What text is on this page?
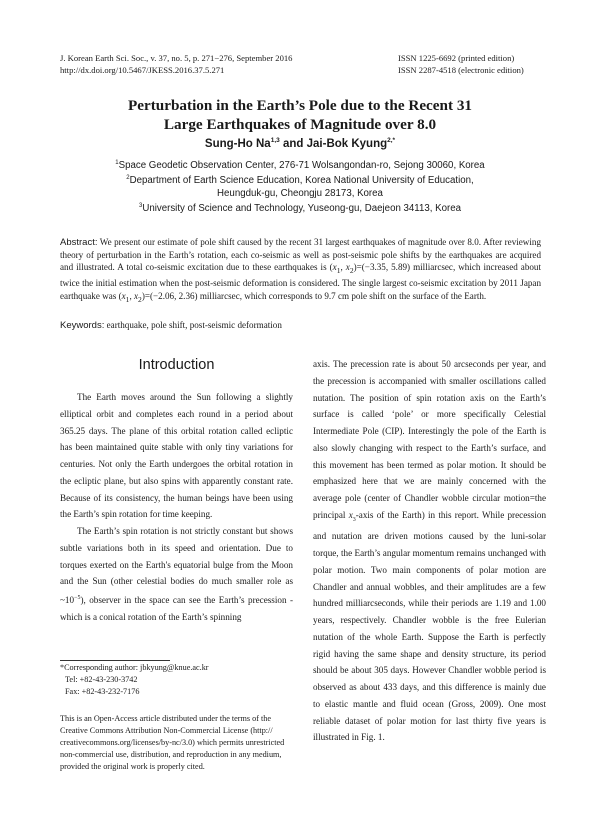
J. Korean Earth Sci. Soc., v. 37, no. 5, p. 271−276, September 2016
http://dx.doi.org/10.5467/JKESS.2016.37.5.271
ISSN 1225-6692 (printed edition)
ISSN 2287-4518 (electronic edition)
Perturbation in the Earth’s Pole due to the Recent 31
Large Earthquakes of Magnitude over 8.0
Sung-Ho Na$^{1,3}$ and Jai-Bok Kyung$^{2,*}$
$^1$Space Geodetic Observation Center, 276-71 Wolsangondan-ro, Sejong 30060, Korea
$^2$Department of Earth Science Education, Korea National University of Education,
Heungduk-gu, Cheongju 28173, Korea
$^3$University of Science and Technology, Yuseong-gu, Daejeon 34113, Korea
Abstract: We present our estimate of pole shift caused by the recent 31 largest earthquakes of magnitude over 8.0. After reviewing theory of perturbation in the Earth’s rotation, each co-seismic as well as post-seismic pole shifts by the earthquakes are acquired and illustrated. A total co-seismic excitation due to these earthquakes is ($x_1$, $x_2)=(-3.35$, 5.89) milliarcsec, which increased about twice the initial estimation when the post-seismic deformation is considered. The single largest co-seismic excitation by 2011 Japan earthquake was ($x_1$, $x_2)=(-2.06$, 2.36) milliarcsec, which corresponds to 9.7 cm pole shift on the surface of the Earth.
Keywords: earthquake, pole shift, post-seismic deformation
Introduction

The Earth moves around the Sun following a slightly elliptical orbit and completes each round in a period about 365.25 days. The plane of this orbital rotation called ecliptic has been maintained quite stable with only tiny variations for centuries. Not only the Earth undergoes the orbital rotation in the ecliptic plane, but also spins with apparently constant rate. Because of its consistency, the human beings have been using the Earth’s spin rotation for time keeping.

The Earth’s spin rotation is not strictly constant but shows subtle variations both in its speed and orientation. Due to torques exerted on the Earth's equatorial bulge from the Moon and the Sun (other celestial bodies do much smaller role as $\sim 10^{-5}$), observer in the space can see the Earth’s precession - which is a conical rotation of the Earth’s spinning

*Corresponding author: jbkyung@knue.ac.kr
Tel: +82-43-230-3742
Fax: +82-43-232-7176
This is an Open-Access article distributed under the terms of the
Creative Commons Attribution Non-Commercial License (http://
creativecommons.org/licenses/by-nc/3.0) which permits unrestricted
non-commercial use, distribution, and reproduction in any medium,
provided the original work is properly cited.

axis. The precession rate is about 50 arcseconds per year, and the precession is accompanied with smaller oscillations called nutation. The position of spin rotation axis on the Earth’s surface is called ‘pole’ or more specifically Celestial Intermediate Pole (CIP). Interestingly the pole of the Earth is also slowly changing with respect to the Earth’s surface, and this movement has been termed as polar motion. It should be emphasized here that we are mainly concerned with the average pole (center of Chandler wobble circular motion=the principal $x_3$-axis of the Earth) in this report. While precession and nutation are driven motions caused by the luni-solar torque, the Earth’s angular momentum remains unchanged with polar motion. Two main components of polar motion are Chandler and annual wobbles, and their amplitudes are a few hundred milliarcseconds, while their periods are 1.19 and 1.00 years, respectively. Chandler wobble is the free Eulerian nutation of the whole Earth. Suppose the Earth is perfectly rigid having the same shape and density structure, its period should be about 305 days. However Chandler wobble period is observed as about 433 days, and this difference is mainly due to elastic mantle and fluid ocean (Gross, 2009). One most reliable dataset of polar motion for last thirty five years is illustrated in Fig. 1.
